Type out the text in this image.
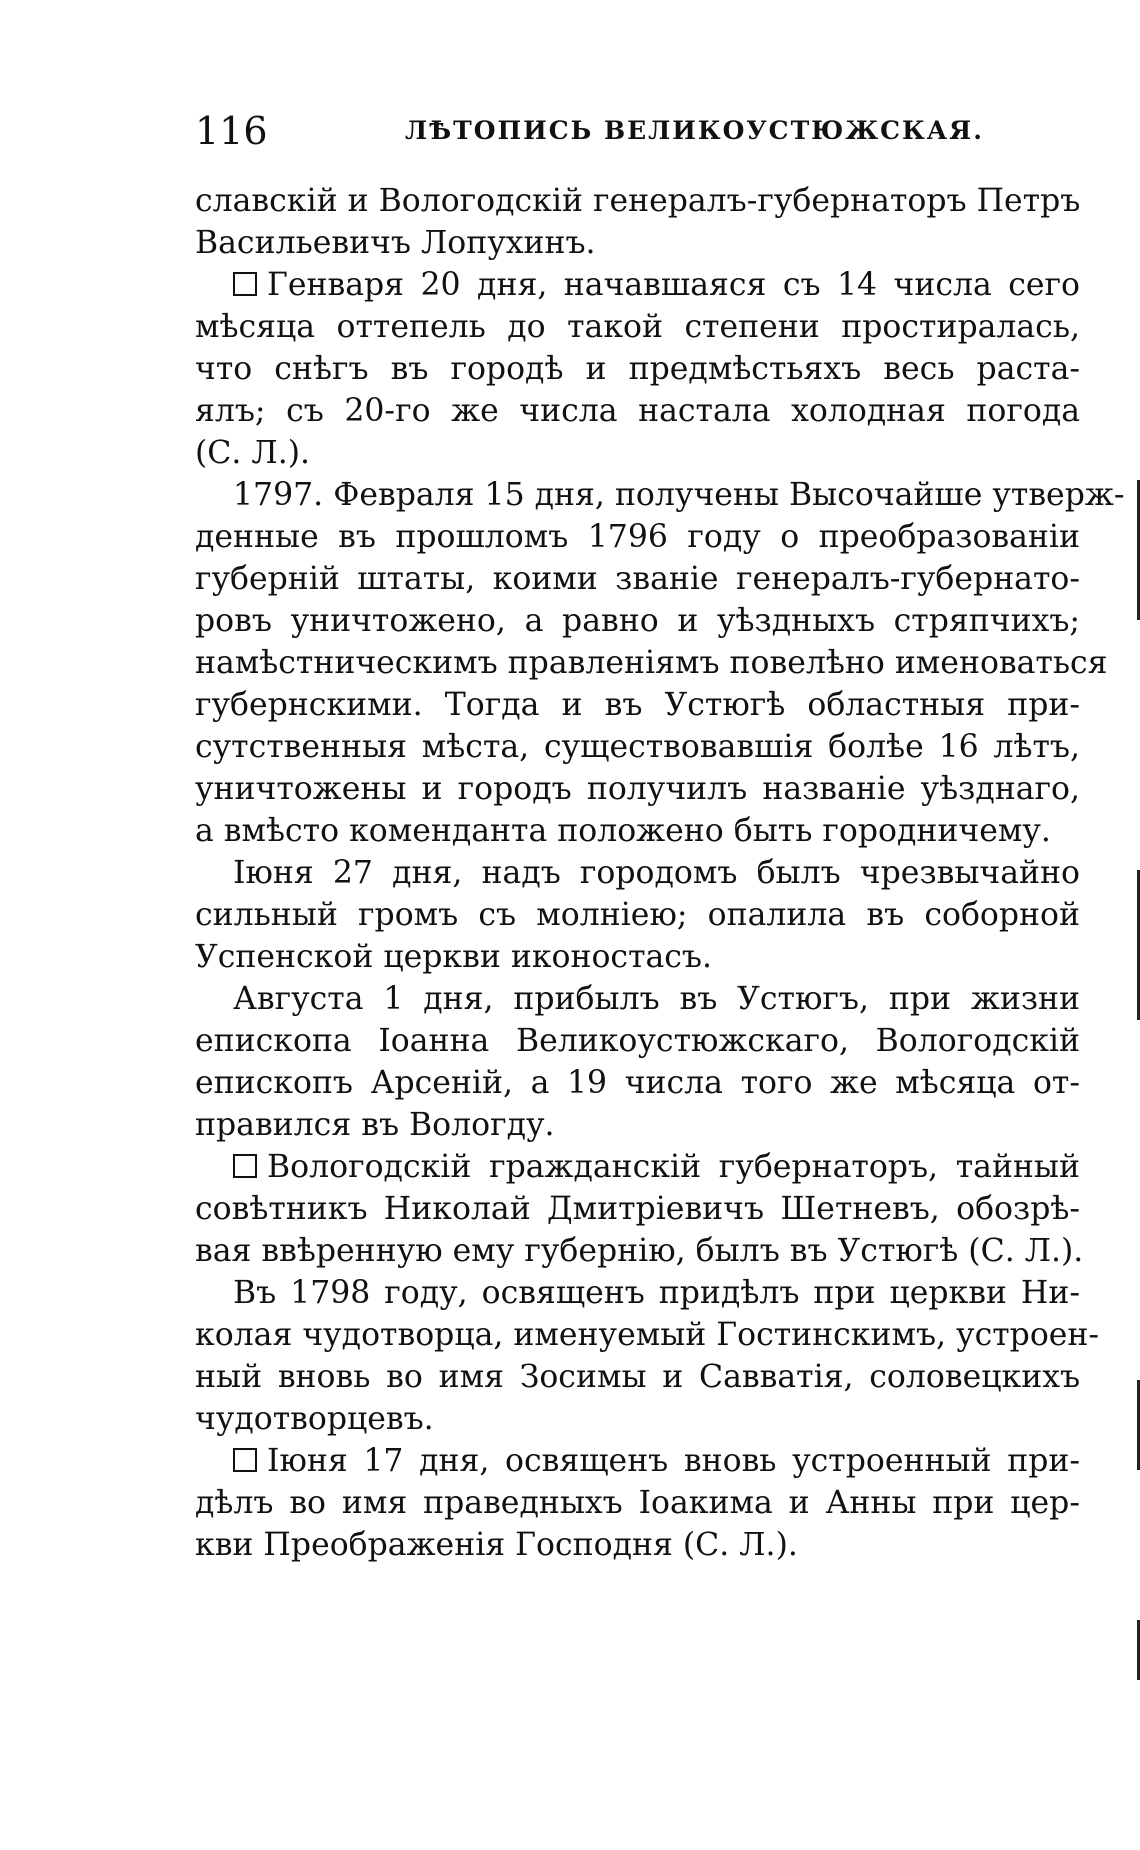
116	ЛѢТОПИСЬ ВЕЛИКОУСТЮЖСКАЯ.
славскій и Вологодскій генералъ-губернаторъ Петръ
Васильевичъ Лопухинъ.
Генваря 20 дня, начавшаяся съ 14 числа сего
мѣсяца оттепель до такой степени простиралась,
что снѣгъ въ городѣ и предмѣстьяхъ весь растa-
ялъ; съ 20-го же числа настала холодная погода
(С. Л.).
1797. Февраля 15 дня, получены Высочайше утверж-
денные въ прошломъ 1796 году о преобразованіи
губерній штаты, коими званіе генералъ-губернато-
ровъ уничтожено, а равно и уѣздныхъ стряпчихъ;
намѣстническимъ правленіямъ повелѣно именоваться
губернскими. Тогда и въ Устюгѣ областныя при-
сутственныя мѣста, существовавшія болѣе 16 лѣтъ,
уничтожены и городъ получилъ названіе уѣзднаго,
а вмѣсто коменданта положено быть городничему.
Іюня 27 дня, надъ городомъ былъ чрезвычайно
сильный громъ съ молніею; опалила въ соборной
Успенской церкви иконостасъ.
Августа 1 дня, прибылъ въ Устюгъ, при жизни
епископа Іоанна Великоустюжскаго, Вологодскій
епископъ Арсеній, а 19 числа того же мѣсяца от-
правился въ Вологду.
Вологодскій гражданскій губернаторъ, тайный
совѣтникъ Николай Дмитріевичъ Шетневъ, обозрѣ-
вая ввѣренную ему губернію, былъ въ Устюгѣ (С. Л.).
Въ 1798 году, освященъ придѣлъ при церкви Ни-
колая чудотворца, именуемый Гостинскимъ, устроен-
ный вновь во имя Зосимы и Савватія, соловецкихъ
чудотворцевъ.
Іюня 17 дня, освященъ вновь устроенный при-
дѣлъ во имя праведныхъ Іоакима и Анны при цер-
кви Преображенія Господня (С. Л.).
